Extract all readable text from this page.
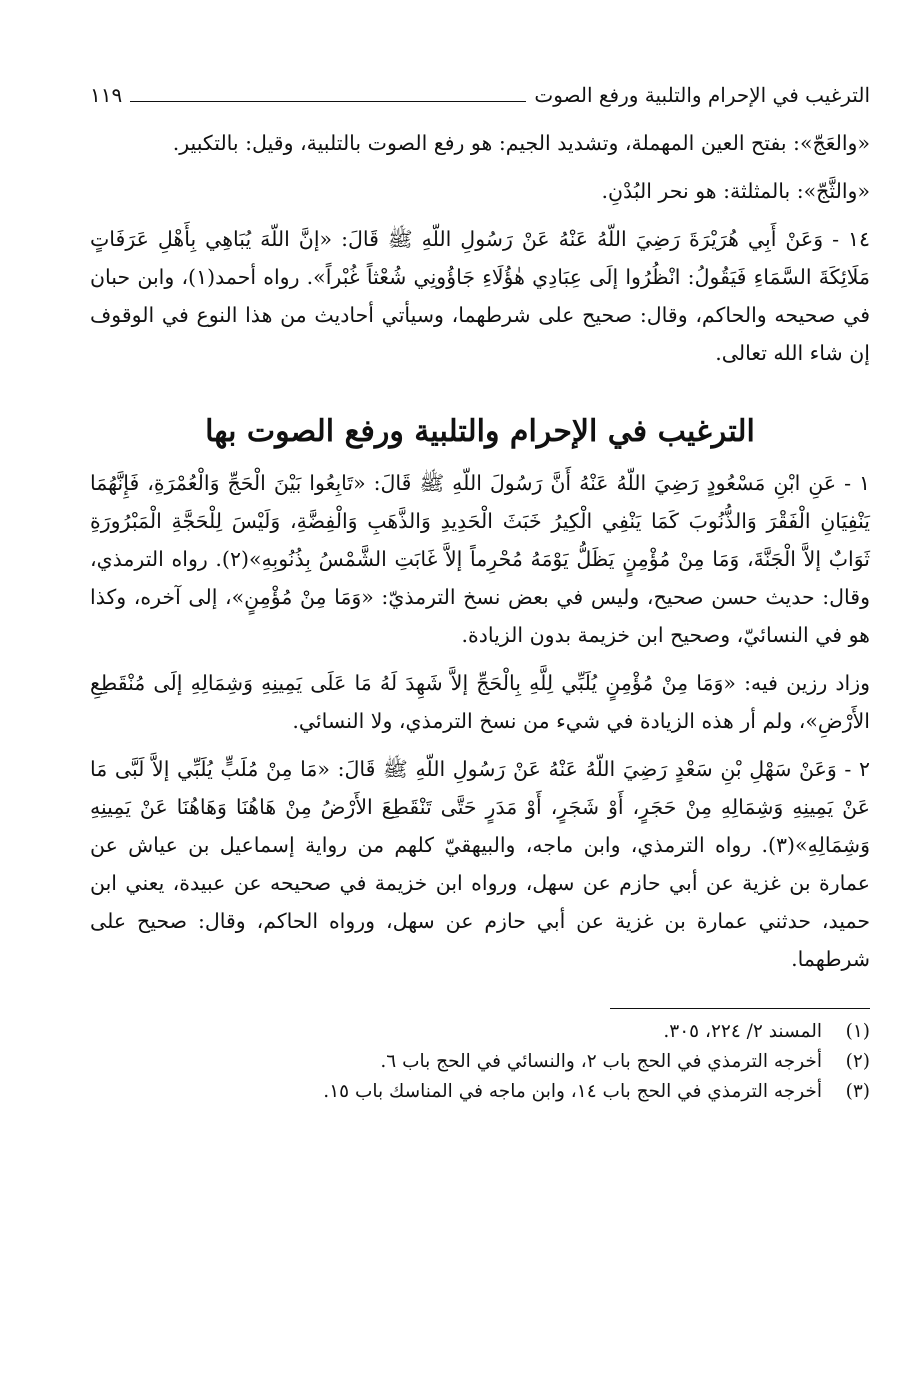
الترغيب في الإحرام والتلبية ورفع الصوت
١١٩

«والعَجّ»: بفتح العين المهملة، وتشديد الجيم: هو رفع الصوت بالتلبية، وقيل: بالتكبير.

«والثَّجّ»: بالمثلثة: هو نحر البُدْنِ.

١٤ - وَعَنْ أَبِي هُرَيْرَةَ رَضِيَ اللّهُ عَنْهُ عَنْ رَسُولِ اللّهِ ﷺ قَالَ: «إنَّ اللّهَ يُبَاهِي بِأَهْلِ عَرَفَاتٍ مَلَائِكَةَ السَّمَاءِ فَيَقُولُ: انْظُرُوا إلَى عِبَادِي هٰؤُلَاءِ جَاؤُونِي شُعْثاً غُبْراً». رواه أحمد(١)، وابن حبان في صحيحه والحاكم، وقال: صحيح على شرطهما، وسيأتي أحاديث من هذا النوع في الوقوف إن شاء الله تعالى.

الترغيب في الإحرام والتلبية ورفع الصوت بها

١ - عَنِ ابْنِ مَسْعُودٍ رَضِيَ اللّهُ عَنْهُ أَنَّ رَسُولَ اللّهِ ﷺ قَالَ: «تَابِعُوا بَيْنَ الْحَجِّ وَالْعُمْرَةِ، فَإِنَّهُمَا يَنْفِيَانِ الْفَقْرَ وَالذُّنُوبَ كَمَا يَنْفِي الْكِيرُ خَبَثَ الْحَدِيدِ وَالذَّهَبِ وَالْفِضَّةِ، وَلَيْسَ لِلْحَجَّةِ الْمَبْرُورَةِ ثَوَابٌ إلاَّ الْجَنَّةَ، وَمَا مِنْ مُؤْمِنٍ يَظَلُّ يَوْمَهُ مُحْرِماً إلاَّ غَابَتِ الشَّمْسُ بِذُنُوبِهِ»(٢). رواه الترمذي، وقال: حديث حسن صحيح، وليس في بعض نسخ الترمذيّ: «وَمَا مِنْ مُؤْمِنٍ»، إلى آخره، وكذا هو في النسائيّ، وصحيح ابن خزيمة بدون الزيادة.

وزاد رزين فيه: «وَمَا مِنْ مُؤْمِنٍ يُلَبِّي لِلَّهِ بِالْحَجِّ إلاَّ شَهِدَ لَهُ مَا عَلَى يَمِينِهِ وَشِمَالِهِ إلَى مُنْقَطِعِ الأَرْضِ»، ولم أر هذه الزيادة في شيء من نسخ الترمذي، ولا النسائي.

٢ - وَعَنْ سَهْلِ بْنِ سَعْدٍ رَضِيَ اللّهُ عَنْهُ عَنْ رَسُولِ اللّهِ ﷺ قَالَ: «مَا مِنْ مُلَبٍّ يُلَبِّي إلاَّ لَبَّى مَا عَنْ يَمِينِهِ وَشِمَالِهِ مِنْ حَجَرٍ، أَوْ شَجَرٍ، أَوْ مَدَرٍ حَتَّى تَنْقَطِعَ الأَرْضُ مِنْ هَاهُنَا وَهَاهُنَا عَنْ يَمِينِهِ وَشِمَالِهِ»(٣). رواه الترمذي، وابن ماجه، والبيهقيّ كلهم من رواية إسماعيل بن عياش عن عمارة بن غزية عن أبي حازم عن سهل، ورواه ابن خزيمة في صحيحه عن عبيدة، يعني ابن حميد، حدثني عمارة بن غزية عن أبي حازم عن سهل، ورواه الحاكم، وقال: صحيح على شرطهما.

(١)
المسند ٢/ ٢٢٤، ٣٠٥.
(٢)
أخرجه الترمذي في الحج باب ٢، والنسائي في الحج باب ٦.
(٣)
أخرجه الترمذي في الحج باب ١٤، وابن ماجه في المناسك باب ١٥.
